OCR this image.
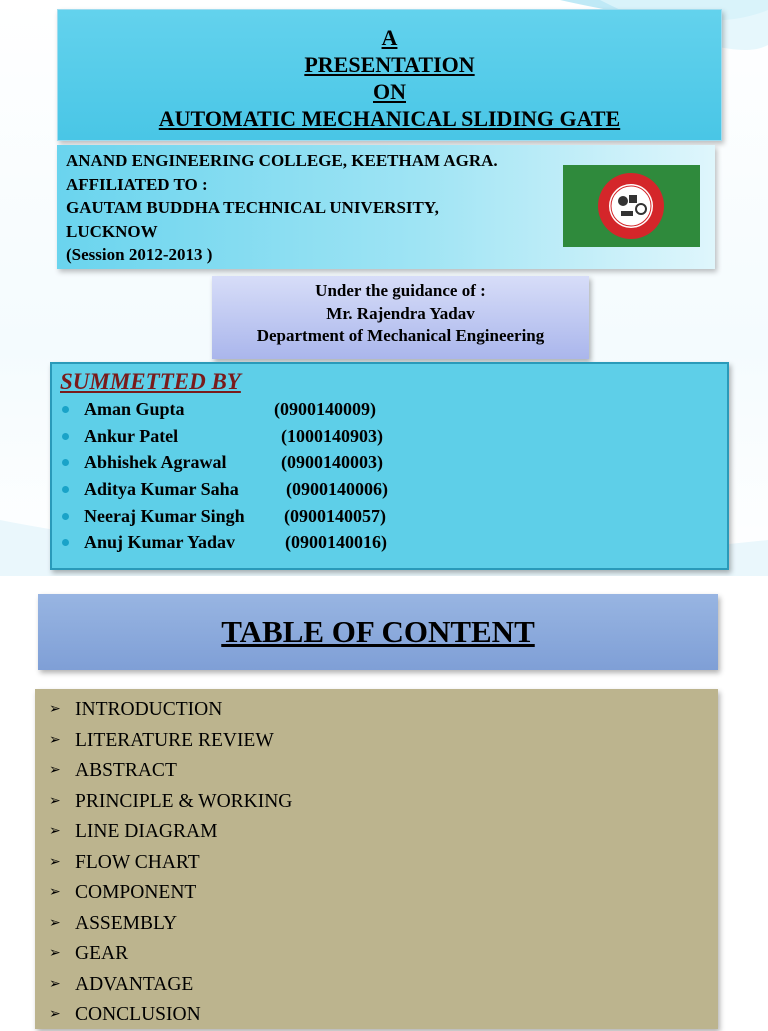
A
PRESENTATION
ON
AUTOMATIC MECHANICAL SLIDING GATE
ANAND ENGINEERING COLLEGE, KEETHAM AGRA.
AFFILIATED TO :
GAUTAM BUDDHA TECHNICAL UNIVERSITY,
LUCKNOW
(Session 2012-2013 )
Under the guidance of :
Mr. Rajendra Yadav
Department of Mechanical Engineering
SUMMETTED BY
Aman Gupta	(0900140009)
Ankur Patel	(1000140903)
Abhishek Agrawal	(0900140003)
Aditya Kumar Saha	(0900140006)
Neeraj Kumar Singh (0900140057)
Anuj Kumar Yadav	(0900140016)
TABLE OF CONTENT
➢ INTRODUCTION
➢ LITERATURE REVIEW
➢ ABSTRACT
➢ PRINCIPLE & WORKING
➢ LINE DIAGRAM
➢ FLOW CHART
➢ COMPONENT
➢ ASSEMBLY
➢ GEAR
➢ ADVANTAGE
➢ CONCLUSION
